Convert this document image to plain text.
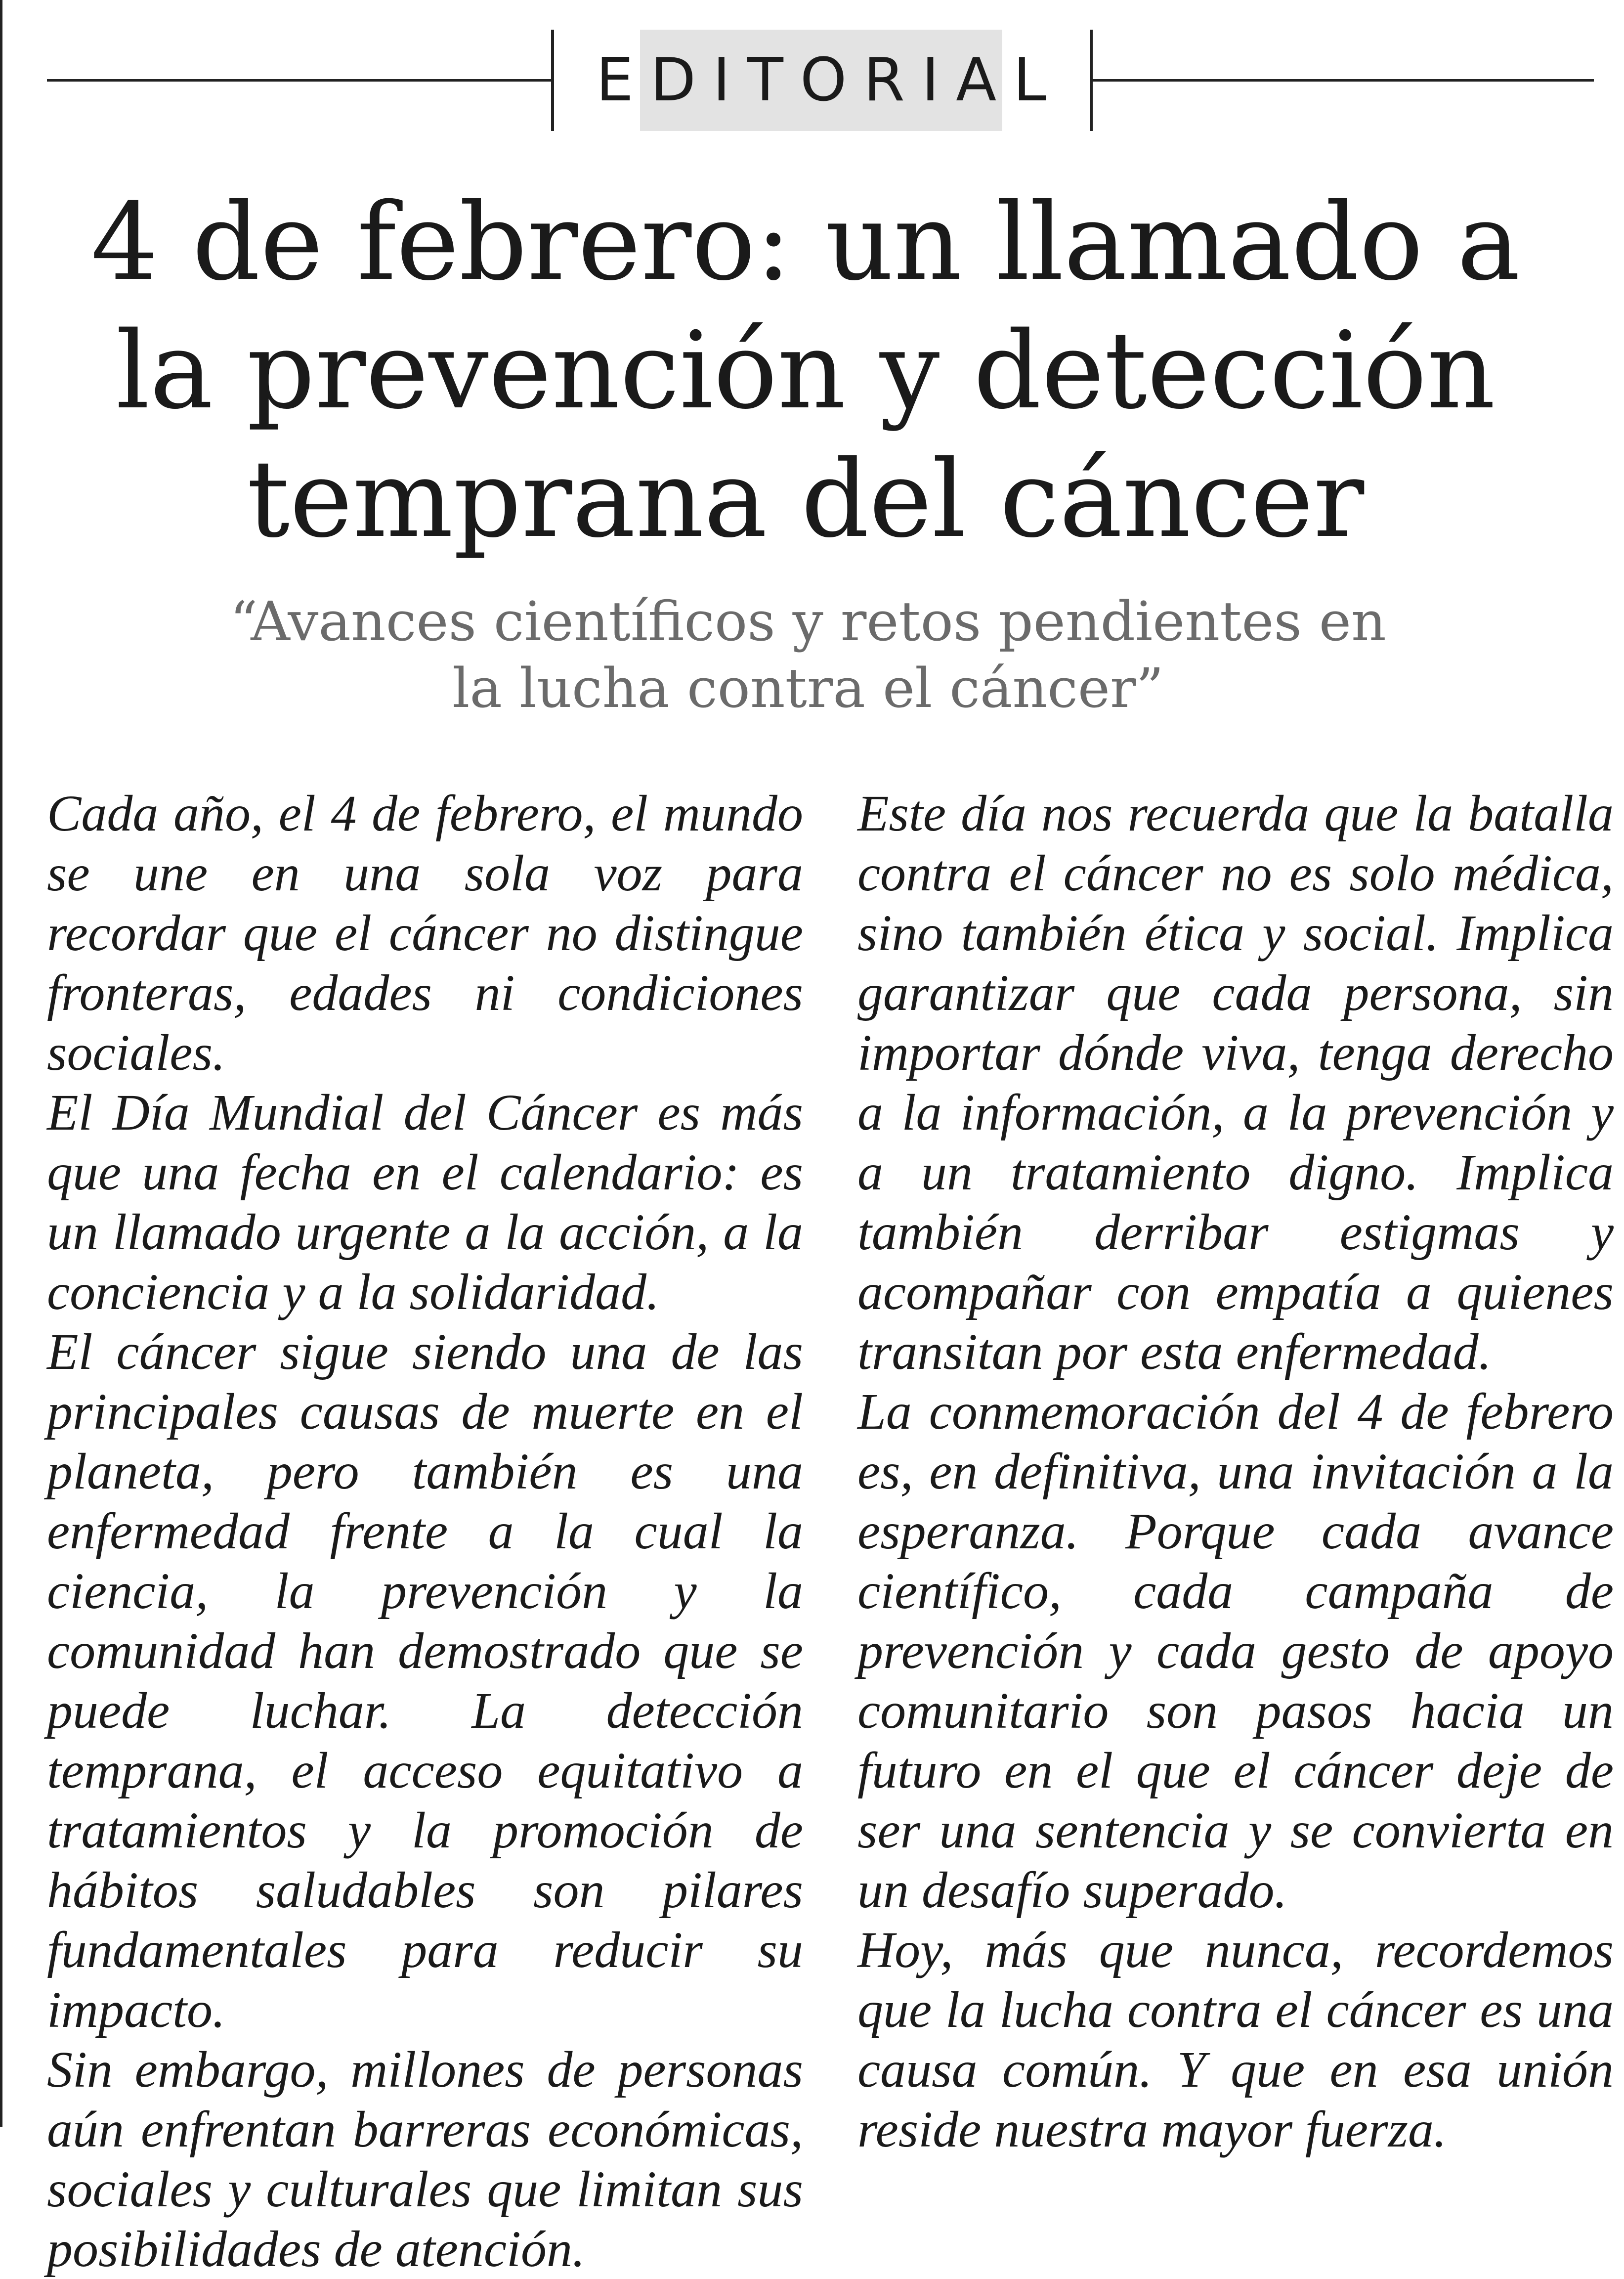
EDITORIAL
4 de febrero: un llamado a la prevención y detección temprana del cáncer

“Avances científicos y retos pendientes en la lucha contra el cáncer”

Cada año, el 4 de febrero, el mundo se une en una sola voz para recordar que el cáncer no distingue fronteras, edades ni condiciones sociales.

El Día Mundial del Cáncer es más que una fecha en el calendario: es un llamado urgente a la acción, a la conciencia y a la solidaridad.

El cáncer sigue siendo una de las principales causas de muerte en el planeta, pero también es una enfermedad frente a la cual la ciencia, la prevención y la comunidad han demostrado que se puede luchar. La detección temprana, el acceso equitativo a tratamientos y la promoción de hábitos saludables son pilares fundamentales para reducir su impacto.

Sin embargo, millones de personas aún enfrentan barreras económicas, sociales y culturales que limitan sus posibilidades de atención.

Este día nos recuerda que la batalla contra el cáncer no es solo médica, sino también ética y social. Implica garantizar que cada persona, sin importar dónde viva, tenga derecho a la información, a la prevención y a un tratamiento digno. Implica también derribar estigmas y acompañar con empatía a quienes transitan por esta enfermedad.

La conmemoración del 4 de febrero es, en definitiva, una invitación a la esperanza. Porque cada avance científico, cada campaña de prevención y cada gesto de apoyo comunitario son pasos hacia un futuro en el que el cáncer deje de ser una sentencia y se convierta en un desafío superado.

Hoy, más que nunca, recordemos que la lucha contra el cáncer es una causa común. Y que en esa unión reside nuestra mayor fuerza.
